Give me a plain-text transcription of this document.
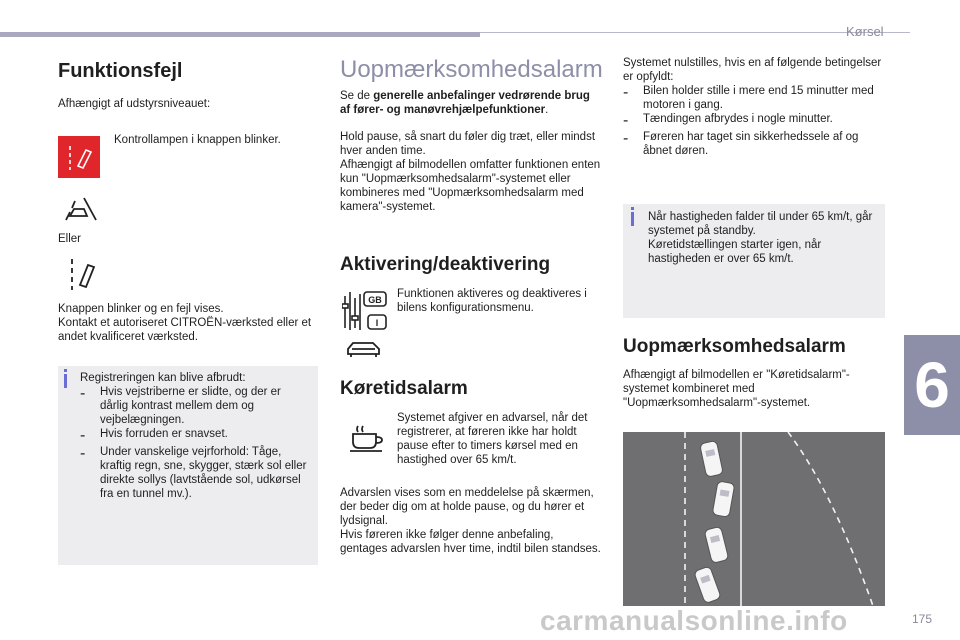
Kørsel
6
Funktionsfejl

Afhængigt af udstyrsniveauet:

Kontrollampen i knappen blinker.

Eller

Knappen blinker og en fejl vises.

Kontakt et autoriseret CITROËN-værksted eller et andet kvalificeret værksted.

Registreringen kan blive afbrudt:

-	Hvis vejstriberne er slidte, og der er dårlig kontrast mellem dem og vejbelægningen.

-	Hvis forruden er snavset.

-	Under vanskelige vejrforhold: Tåge, kraftig regn, sne, skygger, stærk sol eller direkte sollys (lavtstående sol, udkørsel fra en tunnel mv.).

Uopmærksomhedsalarm

Se de generelle anbefalinger vedrørende brug af fører- og manøvrehjælpefunktioner.

Hold pause, så snart du føler dig træt, eller mindst hver anden time.

Afhængigt af bilmodellen omfatter funktionen enten kun "Uopmærksomhedsalarm"-systemet eller kombineres med "Uopmærksomhedsalarm med kamera"-systemet.

Aktivering/deaktivering
GB
I

Funktionen aktiveres og deaktiveres i bilens konfigurationsmenu.

Køretidsalarm

Systemet afgiver en advarsel, når det registrerer, at føreren ikke har holdt pause efter to timers kørsel med en hastighed over 65 km/t.

Advarslen vises som en meddelelse på skærmen, der beder dig om at holde pause, og du hører et lydsignal.

Hvis føreren ikke følger denne anbefaling, gentages advarslen hver time, indtil bilen standses.

Systemet nulstilles, hvis en af følgende betingelser er opfyldt:

-	Bilen holder stille i mere end 15 minutter med motoren i gang.

-	Tændingen afbrydes i nogle minutter.

-	Føreren har taget sin sikkerhedssele af og åbnet døren.

Når hastigheden falder til under 65 km/t, går systemet på standby.

Køretidstællingen starter igen, når hastigheden er over 65 km/t.

Uopmærksomhedsalarm

Afhængigt af bilmodellen er "Køretidsalarm"-systemet kombineret med "Uopmærksomhedsalarm"-systemet.

carmanualsonline.info	175
